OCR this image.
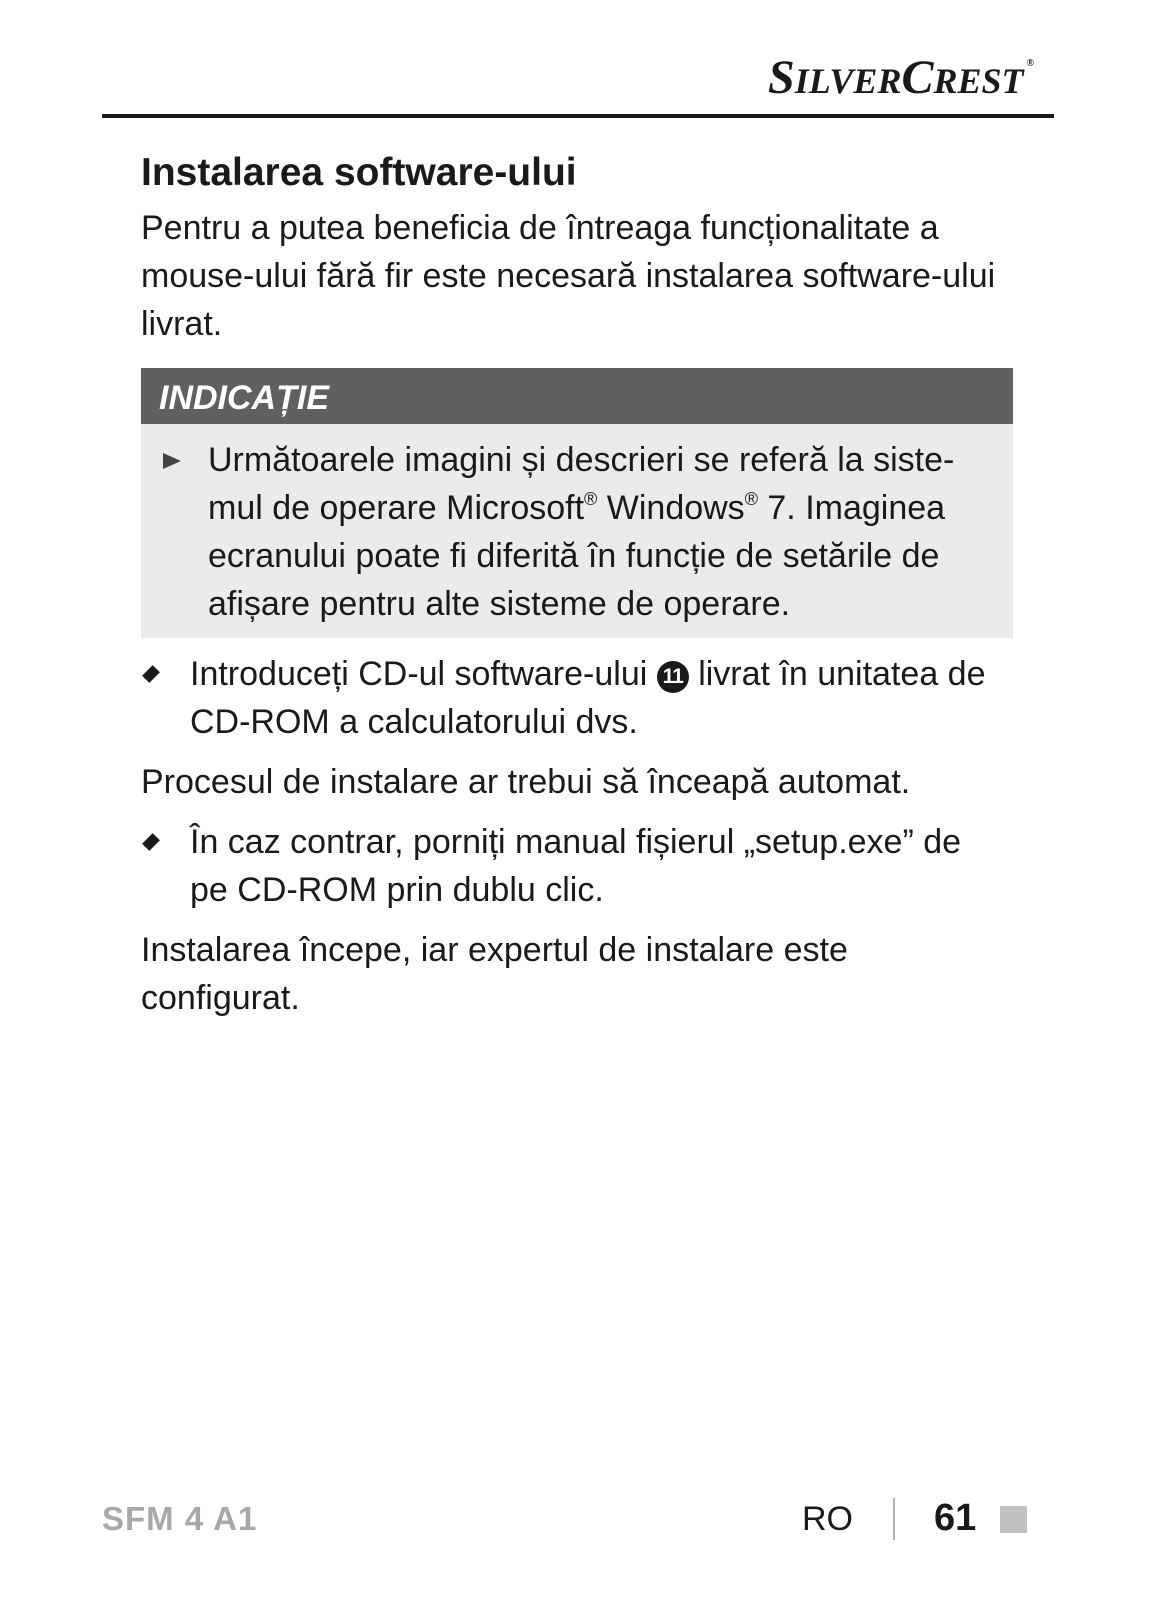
SILVERCREST ®
Instalarea software-ului

Pentru a putea beneficia de întreaga funcționalitate a
mouse-ului fără fir este necesară instalarea software-ului
livrat.

INDICAȚIE
Următoarele imagini și descrieri se referă la siste-
mul de operare Microsoft® Windows® 7. Imaginea
ecranului poate fi diferită în funcție de setările de
afișare pentru alte sisteme de operare.
Introduceți CD-ul software-ului 11 livrat în unitatea de
CD-ROM a calculatorului dvs.

Procesul de instalare ar trebui să înceapă automat.

În caz contrar, porniți manual fișierul „setup.exe” de
pe CD-ROM prin dublu clic.

Instalarea începe, iar expertul de instalare este configurat.

SFM 4 A1	RO 61
